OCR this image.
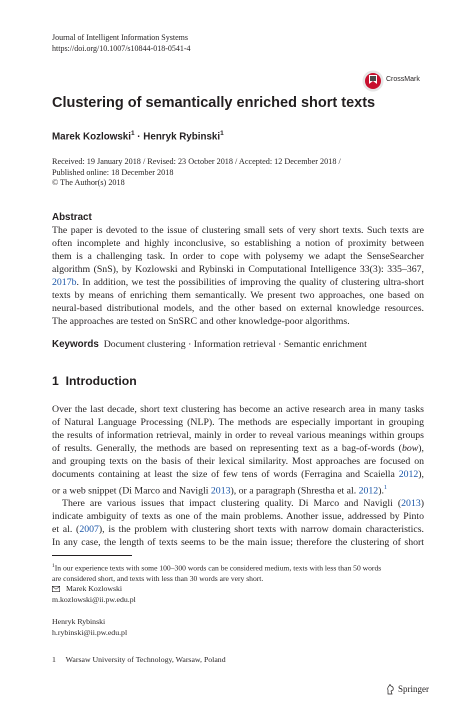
Journal of Intelligent Information Systems
https://doi.org/10.1007/s10844-018-0541-4
CrossMark
Clustering of semantically enriched short texts
Marek Kozlowski$^1$ · Henryk Rybinski$^1$
Received: 19 January 2018 / Revised: 23 October 2018 / Accepted: 12 December 2018 /
Published online: 18 December 2018
© The Author(s) 2018
Abstract
The paper is devoted to the issue of clustering small sets of very short texts. Such texts are
often incomplete and highly inconclusive, so establishing a notion of proximity between
them is a challenging task. In order to cope with polysemy we adapt the SenseSearcher
algorithm (SnS), by Kozlowski and Rybinski in Computational Intelligence 33(3): 335–367,
2017b. In addition, we test the possibilities of improving the quality of clustering ultra-short
texts by means of enriching them semantically. We present two approaches, one based on
neural-based distributional models, and the other based on external knowledge resources.
The approaches are tested on SnSRC and other knowledge-poor algorithms.
Keywords Document clustering · Information retrieval · Semantic enrichment
1 Introduction
Over the last decade, short text clustering has become an active research area in many tasks
of Natural Language Processing (NLP). The methods are especially important in grouping
the results of information retrieval, mainly in order to reveal various meanings within groups
of results. Generally, the methods are based on representing text as a bag-of-words (bow),
and grouping texts on the basis of their lexical similarity. Most approaches are focused on
documents containing at least the size of few tens of words (Ferragina and Scaiella 2012),
or a web snippet (Di Marco and Navigli 2013), or a paragraph (Shrestha et al. 2012).$^1$
There are various issues that impact clustering quality. Di Marco and Navigli (2013)
indicate ambiguity of texts as one of the main problems. Another issue, addressed by Pinto
et al. (2007), is the problem with clustering short texts with narrow domain characteristics.
In any case, the length of texts seems to be the main issue; therefore the clustering of short
$^1$In our experience texts with some 100–300 words can be considered medium, texts with less than 50 words
are considered short, and texts with less than 30 words are very short.
Marek Kozlowski
m.kozlowski@ii.pw.edu.pl
Henryk Rybinski
h.rybinski@ii.pw.edu.pl
1 Warsaw University of Technology, Warsaw, Poland
Springer
